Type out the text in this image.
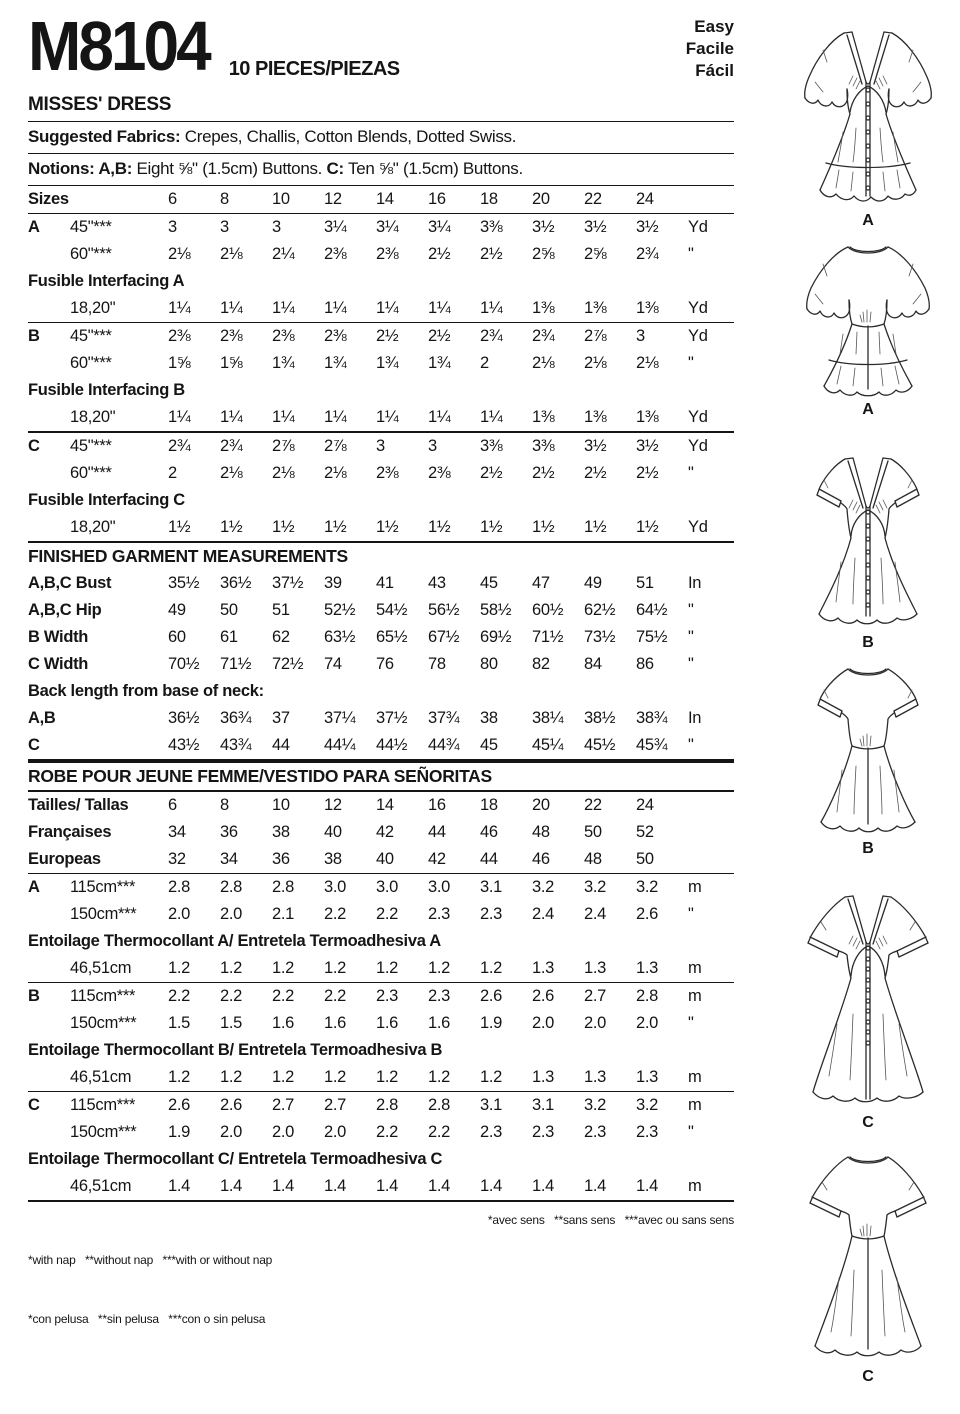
M8104 10 PIECES/PIEZAS
Easy
Facile
Fácil
MISSES' DRESS
Suggested Fabrics: Crepes, Challis, Cotton Blends, Dotted Swiss.
Notions: A,B: Eight ⅝" (1.5cm) Buttons. C: Ten ⅝" (1.5cm) Buttons.
Sizes	6	8	10	12	14	16	18	20	22	24
A	45"***	3	3	3	3¼	3¼	3¼	3⅜	3½	3½	3½	Yd
60"***	2⅛	2⅛	2¼	2⅜	2⅜	2½	2½	2⅝	2⅝	2¾	"
Fusible Interfacing A
18,20"	1¼	1¼	1¼	1¼	1¼	1¼	1¼	1⅜	1⅜	1⅜	Yd
B	45"***	2⅜	2⅜	2⅜	2⅜	2½	2½	2¾	2¾	2⅞	3	Yd
60"***	1⅝	1⅝	1¾	1¾	1¾	1¾	2	2⅛	2⅛	2⅛	"
Fusible Interfacing B
18,20"	1¼	1¼	1¼	1¼	1¼	1¼	1¼	1⅜	1⅜	1⅜	Yd
C	45"***	2¾	2¾	2⅞	2⅞	3	3	3⅜	3⅜	3½	3½	Yd
60"***	2	2⅛	2⅛	2⅛	2⅜	2⅜	2½	2½	2½	2½	"
Fusible Interfacing C
18,20"	1½	1½	1½	1½	1½	1½	1½	1½	1½	1½	Yd
FINISHED GARMENT MEASUREMENTS
A,B,C Bust	35½	36½	37½	39	41	43	45	47	49	51	In
A,B,C Hip	49	50	51	52½	54½	56½	58½	60½	62½	64½	"
B Width	60	61	62	63½	65½	67½	69½	71½	73½	75½	"
C Width	70½	71½	72½	74	76	78	80	82	84	86	"
Back length from base of neck:
A,B	36½	36¾	37	37¼	37½	37¾	38	38¼	38½	38¾	In
C	43½	43¾	44	44¼	44½	44¾	45	45¼	45½	45¾	"
ROBE POUR JEUNE FEMME/VESTIDO PARA SEÑORITAS
Tailles/ Tallas	6	8	10	12	14	16	18	20	22	24
Françaises	34	36	38	40	42	44	46	48	50	52
Europeas	32	34	36	38	40	42	44	46	48	50
A	115cm***	2.8	2.8	2.8	3.0	3.0	3.0	3.1	3.2	3.2	3.2	m
150cm***	2.0	2.0	2.1	2.2	2.2	2.3	2.3	2.4	2.4	2.6	"
Entoilage Thermocollant A/ Entretela Termoadhesiva A
46,51cm	1.2	1.2	1.2	1.2	1.2	1.2	1.2	1.3	1.3	1.3	m
B	115cm***	2.2	2.2	2.2	2.2	2.3	2.3	2.6	2.6	2.7	2.8	m
150cm***	1.5	1.5	1.6	1.6	1.6	1.6	1.9	2.0	2.0	2.0	"
Entoilage Thermocollant B/ Entretela Termoadhesiva B
46,51cm	1.2	1.2	1.2	1.2	1.2	1.2	1.2	1.3	1.3	1.3	m
C	115cm***	2.6	2.6	2.7	2.7	2.8	2.8	3.1	3.1	3.2	3.2	m
150cm***	1.9	2.0	2.0	2.0	2.2	2.2	2.3	2.3	2.3	2.3	"
Entoilage Thermocollant C/ Entretela Termoadhesiva C
46,51cm	1.4	1.4	1.4	1.4	1.4	1.4	1.4	1.4	1.4	1.4	m

*with nap   **without nap   ***with or without nap

*con pelusa   **sin pelusa   ***con o sin pelusa

*avec sens   **sans sens   ***avec ou sans sens
A
A
B
B
C
C
